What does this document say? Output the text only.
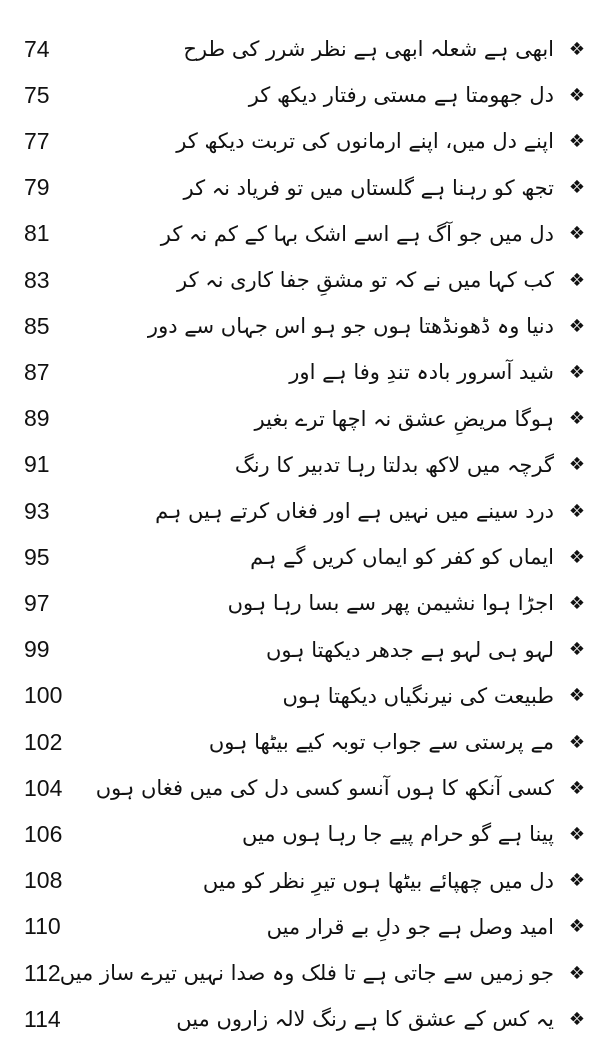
74	ابھی ہے شعلہ ابھی ہے نظر شرر کی طرح ❖
75	دل جھومتا ہے مستی رفتار دیکھ کر ❖
77	اپنے دل میں، اپنے ارمانوں کی تربت دیکھ کر ❖
79	تجھ کو رہنا ہے گلستاں میں تو فریاد نہ کر ❖
81	دل میں جو آگ ہے اسے اشک بہا کے کم نہ کر ❖
83	کب کہا میں نے کہ تو مشقِ جفا کاری نہ کر ❖
85	دنیا وہ ڈھونڈھتا ہوں جو ہو اس جہاں سے دور ❖
87	شید آسرور بادہ تندِ وفا ہے اور ❖
89	ہوگا مریضِ عشق نہ اچھا ترے بغیر ❖
91	گرچہ میں لاکھ بدلتا رہا تدبیر کا رنگ ❖
93	درد سینے میں نہیں ہے اور فغاں کرتے ہیں ہم ❖
95	ایماں کو کفر کو ایماں کریں گے ہم ❖
97	اجڑا ہوا نشیمن پھر سے بسا رہا ہوں ❖
99	لہو ہی لہو ہے جدھر دیکھتا ہوں ❖
100	طبیعت کی نیرنگیاں دیکھتا ہوں ❖
102	مے پرستی سے جواب توبہ کیے بیٹھا ہوں ❖
104	کسی آنکھ کا ہوں آنسو کسی دل کی میں فغاں ہوں ❖
106	پینا ہے گو حرام پیے جا رہا ہوں میں ❖
108	دل میں چھپائے بیٹھا ہوں تیرِ نظر کو میں ❖
110	امید وصل ہے جو دلِ بے قرار میں ❖
112 جو زمیں سے جاتی ہے تا فلک وہ صدا نہیں تیرے ساز میں ❖
114	یہ کس کے عشق کا ہے رنگ لالہ زاروں میں ❖
